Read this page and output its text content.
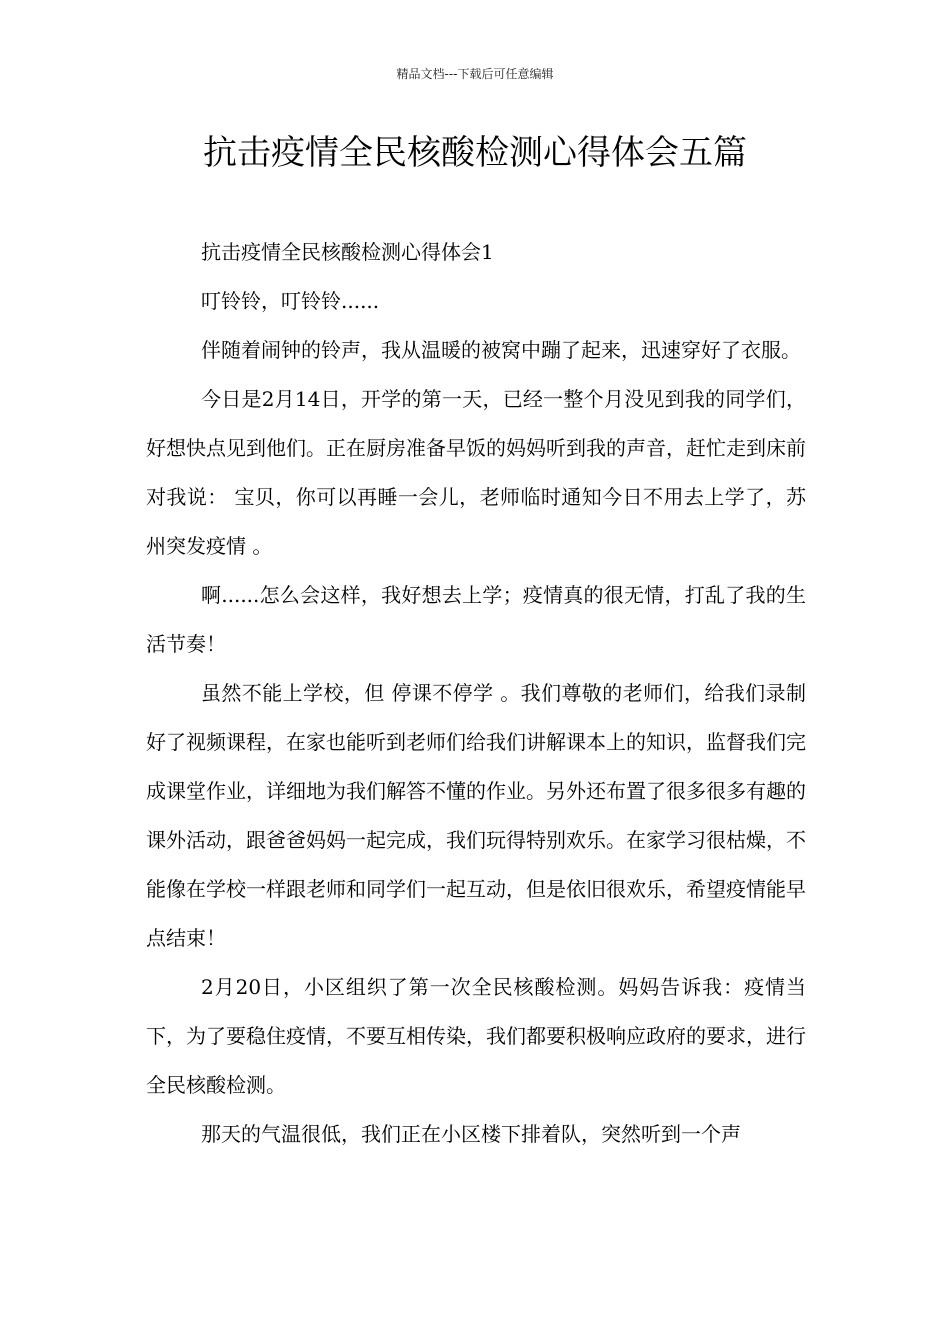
精品文档---下载后可任意编辑
抗击疫情全民核酸检测心得体会五篇

抗击疫情全民核酸检测心得体会1

叮铃铃，叮铃铃......

伴随着闹钟的铃声，我从温暖的被窝中蹦了起来，迅速穿好了衣服。

今日是2月14日，开学的第一天，已经一整个月没见到我的同学们，好想快点见到他们。正在厨房准备早饭的妈妈听到我的声音，赶忙走到床前对我说： 宝贝，你可以再睡一会儿，老师临时通知今日不用去上学了，苏州突发疫情 。

啊......怎么会这样，我好想去上学；疫情真的很无情，打乱了我的生活节奏！

虽然不能上学校，但 停课不停学 。我们尊敬的老师们，给我们录制好了视频课程，在家也能听到老师们给我们讲解课本上的知识，监督我们完成课堂作业，详细地为我们解答不懂的作业。另外还布置了很多很多有趣的课外活动，跟爸爸妈妈一起完成，我们玩得特别欢乐。在家学习很枯燥，不能像在学校一样跟老师和同学们一起互动，但是依旧很欢乐，希望疫情能早点结束！

2月20日，小区组织了第一次全民核酸检测。妈妈告诉我：疫情当下，为了要稳住疫情，不要互相传染，我们都要积极响应政府的要求，进行全民核酸检测。

那天的气温很低，我们正在小区楼下排着队，突然听到一个声
